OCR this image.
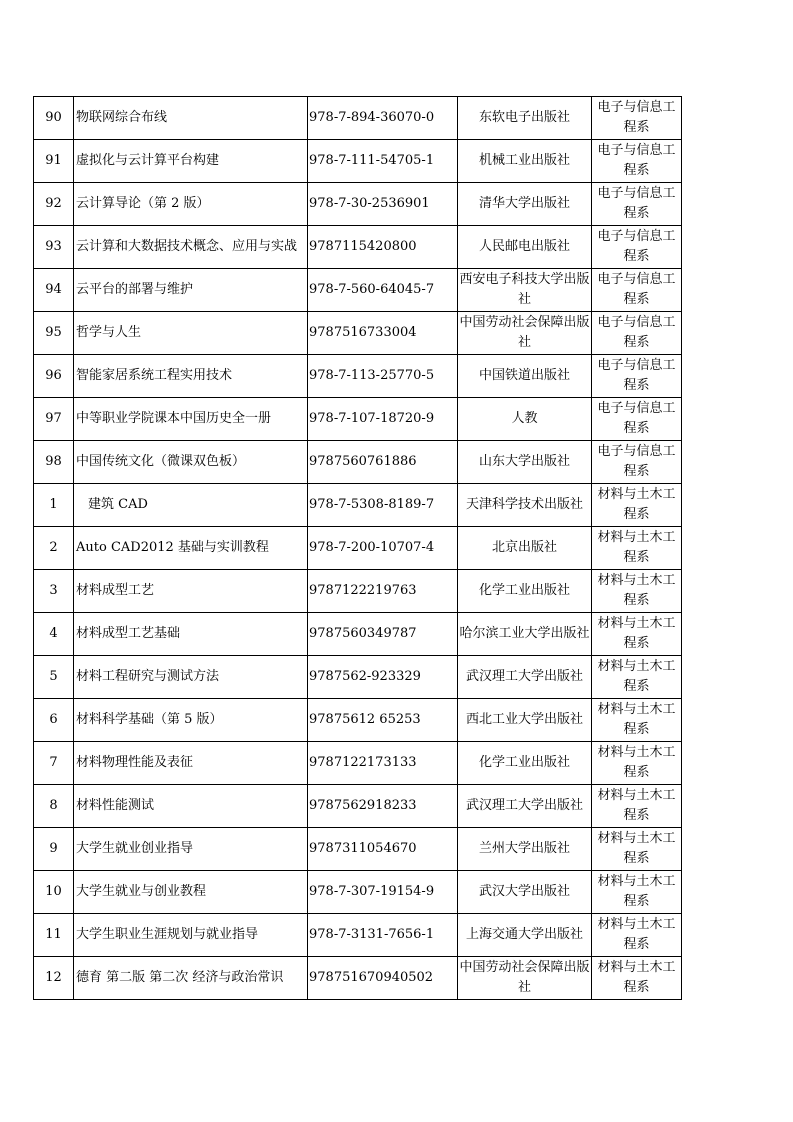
90	物联网综合布线	978-7-894-36070-0	东软电子出版社	电子与信息工程系
91	虚拟化与云计算平台构建	978-7-111-54705-1	机械工业出版社	电子与信息工程系
92	云计算导论（第 2 版）	978-7-30-2536901	清华大学出版社	电子与信息工程系
93	云计算和大数据技术概念、应用与实战	9787115420800	人民邮电出版社	电子与信息工程系
94	云平台的部署与维护	978-7-560-64045-7	西安电子科技大学出版社	电子与信息工程系
95	哲学与人生	9787516733004	中国劳动社会保障出版社	电子与信息工程系
96	智能家居系统工程实用技术	978-7-113-25770-5	中国铁道出版社	电子与信息工程系
97	中等职业学院课本中国历史全一册	978-7-107-18720-9	人教	电子与信息工程系
98	中国传统文化（微课双色板）	9787560761886	山东大学出版社	电子与信息工程系
1	建筑 CAD	978-7-5308-8189-7	天津科学技术出版社	材料与土木工程系
2	Auto CAD2012 基础与实训教程	978-7-200-10707-4	北京出版社	材料与土木工程系
3	材料成型工艺	9787122219763	化学工业出版社	材料与土木工程系
4	材料成型工艺基础	9787560349787	哈尔滨工业大学出版社	材料与土木工程系
5	材料工程研究与测试方法	9787562-923329	武汉理工大学出版社	材料与土木工程系
6	材料科学基础（第 5 版）	97875612 65253	西北工业大学出版社	材料与土木工程系
7	材料物理性能及表征	9787122173133	化学工业出版社	材料与土木工程系
8	材料性能测试	9787562918233	武汉理工大学出版社	材料与土木工程系
9	大学生就业创业指导	9787311054670	兰州大学出版社	材料与土木工程系
10	大学生就业与创业教程	978-7-307-19154-9	武汉大学出版社	材料与土木工程系
11	大学生职业生涯规划与就业指导	978-7-3131-7656-1	上海交通大学出版社	材料与土木工程系
12	德育 第二版 第二次 经济与政治常识	978751670940502	中国劳动社会保障出版社	材料与土木工程系
